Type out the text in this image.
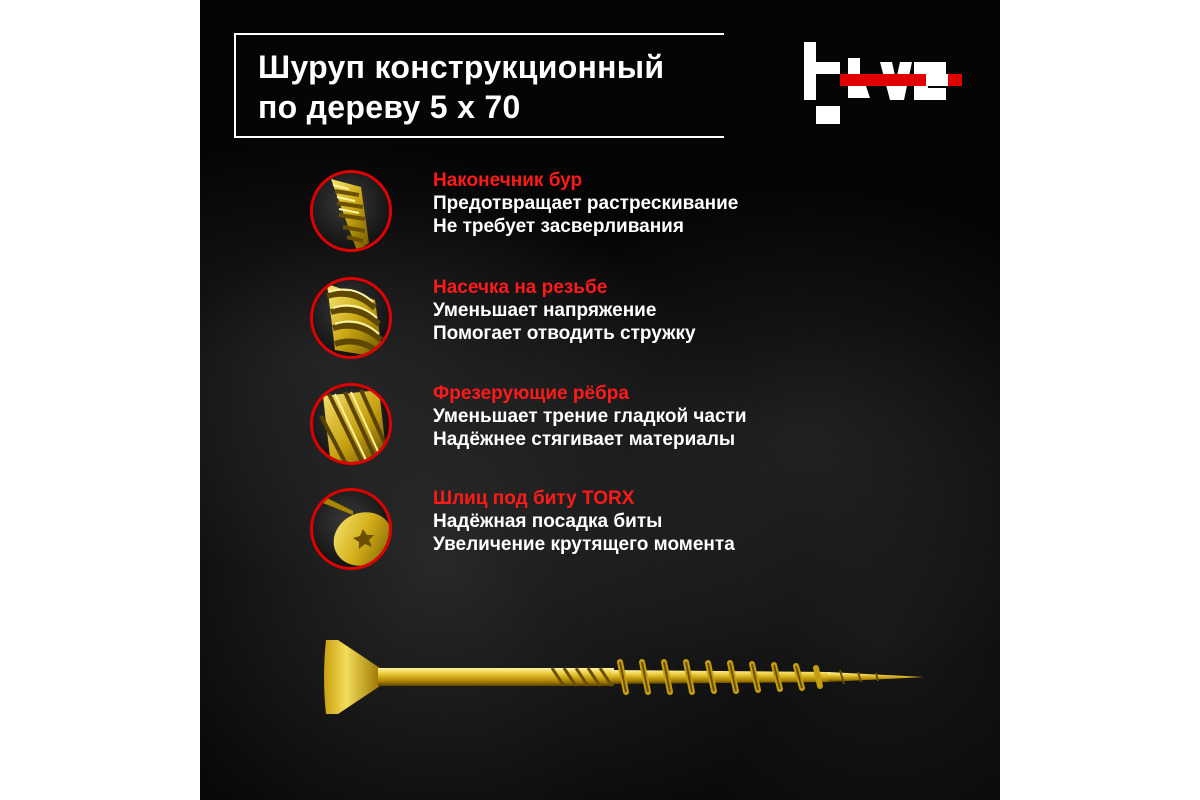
Шуруп конструкционный
по дереву 5 x 70
Наконечник бур
Предотвращает растрескивание
Не требует засверливания
Насечка на резьбе
Уменьшает напряжение
Помогает отводить стружку
Фрезерующие рёбра
Уменьшает трение гладкой части
Надёжнее стягивает материалы
Шлиц под биту TORX
Надёжная посадка биты
Увеличение крутящего момента
